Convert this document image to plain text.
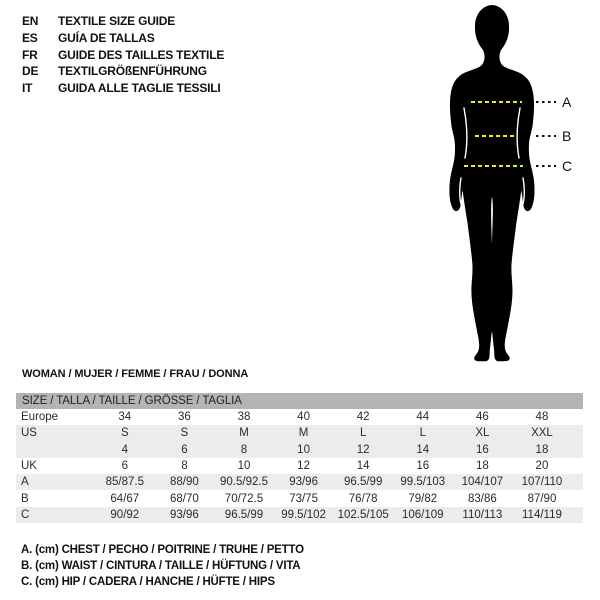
EN	TEXTILE SIZE GUIDE
ES	GUÍA DE TALLAS
FR	GUIDE DES TAILLES TEXTILE
DE	TEXTILGRÖßENFÜHRUNG
IT	GUIDA ALLE TAGLIE TESSILI
A
B
C
WOMAN / MUJER / FEMME / FRAU / DONNA
SIZE / TALLA / TAILLE / GRÖSSE / TAGLIA
Europe	34	36	38	40	42	44	46	48
US	S	S	M	M	L	L	XL	XXL
4	6	8	10	12	14	16	18
UK	6	8	10	12	14	16	18	20
A	85/87.5	88/90	90.5/92.5	93/96	96.5/99	99.5/103	104/107	107/110
B	64/67	68/70	70/72.5	73/75	76/78	79/82	83/86	87/90
C	90/92	93/96	96.5/99	99.5/102	102.5/105	106/109	110/113	114/119
A. (cm) CHEST / PECHO / POITRINE / TRUHE / PETTO
B. (cm) WAIST / CINTURA / TAILLE / HÜFTUNG / VITA
C. (cm) HIP / CADERA / HANCHE / HÜFTE / HIPS
